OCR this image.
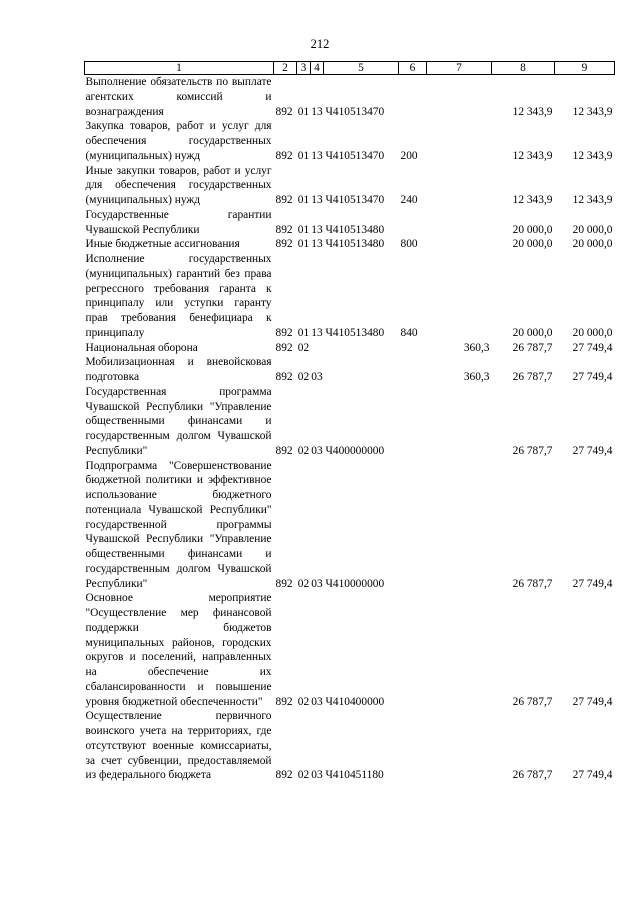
212
1	2	3	4	5	6	7	8	9
Выполнение обязательств по выплате агентских комиссий и вознаграждения	892	01	13	Ч410513470			12 343,9	12 343,9
Закупка товаров, работ и услуг для обеспечения государственных (муниципальных) нужд	892	01	13	Ч410513470	200		12 343,9	12 343,9
Иные закупки товаров, работ и услуг для обеспечения государственных (муниципальных) нужд	892	01	13	Ч410513470	240		12 343,9	12 343,9
Государственные гарантии Чувашской Республики	892	01	13	Ч410513480			20 000,0	20 000,0
Иные бюджетные ассигнования	892	01	13	Ч410513480	800		20 000,0	20 000,0
Исполнение государственных (муниципальных) гарантий без права регрессного требования гаранта к принципалу или уступки гаранту прав требования бенефициара к принципалу	892	01	13	Ч410513480	840		20 000,0	20 000,0
Национальная оборона	892	02				360,3	26 787,7	27 749,4
Мобилизационная и вневойсковая подготовка	892	02	03			360,3	26 787,7	27 749,4
Государственная программа Чувашской Республики "Управление общественными финансами и государственным долгом Чувашской Республики"	892	02	03	Ч400000000			26 787,7	27 749,4
Подпрограмма "Совершенствование бюджетной политики и эффективное использование бюджетного потенциала Чувашской Республики" государственной программы Чувашской Республики "Управление общественными финансами и государственным долгом Чувашской Республики"	892	02	03	Ч410000000			26 787,7	27 749,4
Основное мероприятие "Осуществление мер финансовой поддержки бюджетов муниципальных районов, городских округов и поселений, направленных на обеспечение их сбалансированности и повышение уровня бюджетной обеспеченности"	892	02	03	Ч410400000			26 787,7	27 749,4
Осуществление первичного воинского учета на территориях, где отсутствуют военные комиссариаты, за счет субвенции, предоставляемой из федерального бюджета	892	02	03	Ч410451180			26 787,7	27 749,4
